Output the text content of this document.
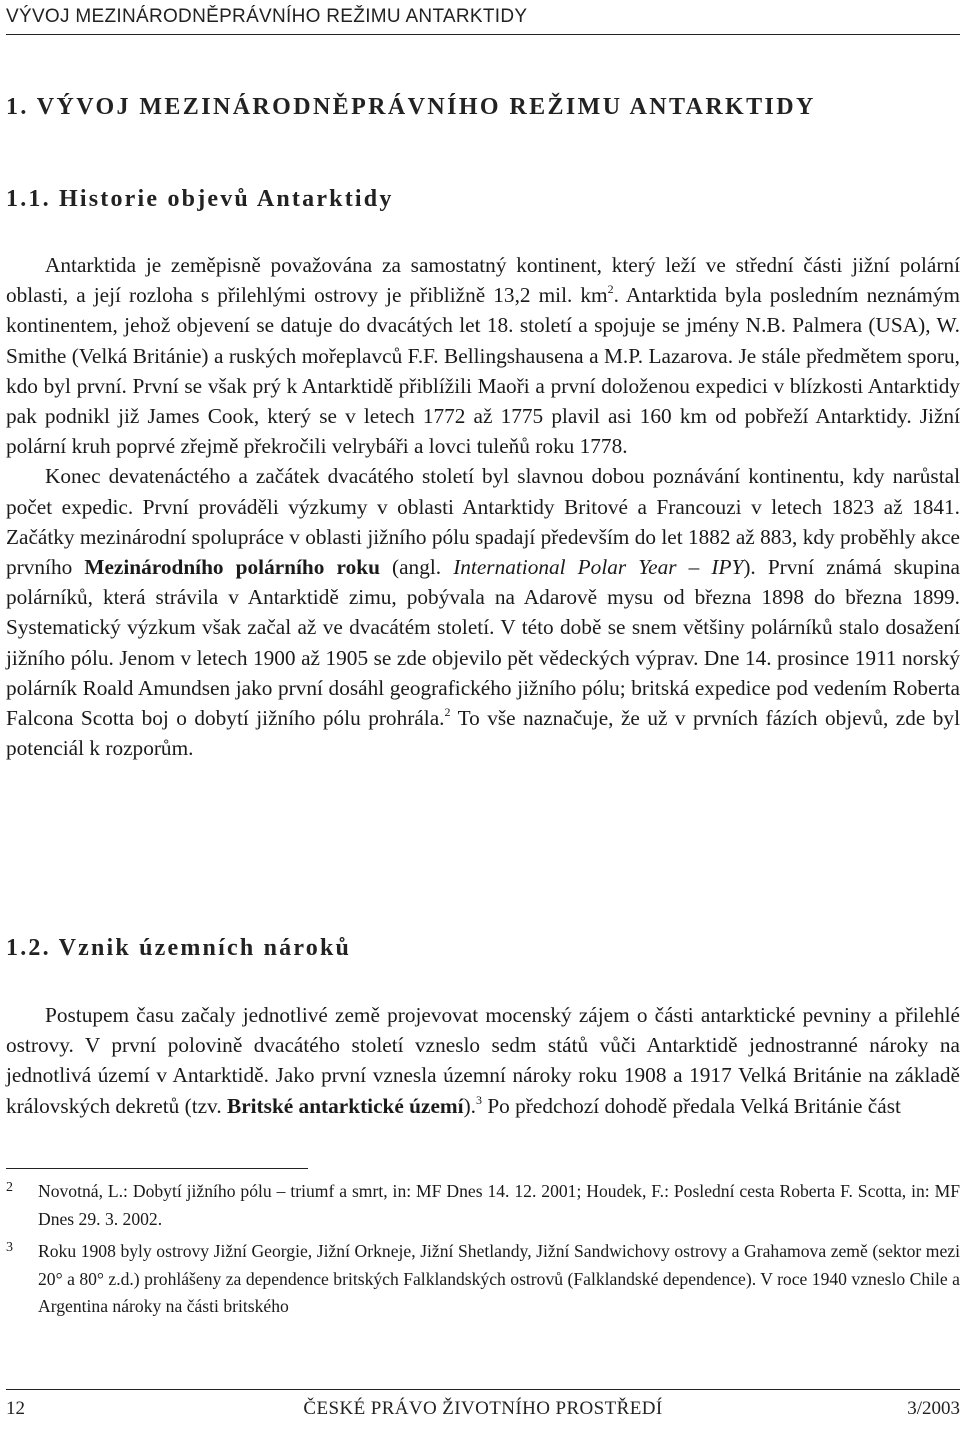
VÝVOJ MEZINÁRODNĚPRÁVNÍHO REŽIMU ANTARKTIDY
1. VÝVOJ MEZINÁRODNĚPRÁVNÍHO REŽIMU ANTARKTIDY
1.1. Historie objevů Antarktidy

Antarktida je zeměpisně považována za samostatný kontinent, který leží ve střední části jižní polární oblasti, a její rozloha s přilehlými ostrovy je přibližně 13,2 mil. $km^2$. Antarktida byla posledním neznámým kontinentem, jehož objevení se datuje do dvacátých let 18. století a spojuje se jmény N.B. Palmera (USA), W. Smithe (Velká Británie) a ruských mořeplavců F.F. Bellingshausena a M.P. Lazarova. Je stále předmětem sporu, kdo byl první. První se však prý k Antarktidě přiblížili Maoři a první doloženou expedici v blízkosti Antarktidy pak podnikl již James Cook, který se v letech 1772 až 1775 plavil asi 160 km od pobřeží Antarktidy. Jižní polární kruh poprvé zřejmě překročili velrybáři a lovci tuleňů roku 1778.

Konec devatenáctého a začátek dvacátého století byl slavnou dobou poznávání kontinentu, kdy narůstal počet expedic. První prováděli výzkumy v oblasti Antarktidy Britové a Francouzi v letech 1823 až 1841. Začátky mezinárodní spolupráce v oblasti jižního pólu spadají především do let 1882 až 883, kdy proběhly akce prvního Mezinárodního polárního roku (angl. International Polar Year – IPY). První známá skupina polárníků, která strávila v Antarktidě zimu, pobývala na Adarově mysu od března 1898 do března 1899. Systematický výzkum však začal až ve dvacátém století. V této době se snem většiny polárníků stalo dosažení jižního pólu. Jenom v letech 1900 až 1905 se zde objevilo pět vědeckých výprav. Dne 14. prosince 1911 norský polárník Roald Amundsen jako první dosáhl geografického jižního pólu; britská expedice pod vedením Roberta Falcona Scotta boj o dobytí jižního pólu prohrála.$^2$ To vše naznačuje, že už v prvních fázích objevů, zde byl potenciál k rozporům.

1.2. Vznik územních nároků

Postupem času začaly jednotlivé země projevovat mocenský zájem o části antarktické pevniny a přilehlé ostrovy. V první polovině dvacátého století vzneslo sedm států vůči Antarktidě jednostranné nároky na jednotlivá území v Antarktidě. Jako první vznesla územní nároky roku 1908 a 1917 Velká Británie na základě královských dekretů (tzv. Britské antarktické území).$^3$ Po předchozí dohodě předala Velká Británie část

2 Novotná, L.: Dobytí jižního pólu – triumf a smrt, in: MF Dnes 14. 12. 2001; Houdek, F.: Poslední cesta Roberta F. Scotta, in: MF Dnes 29. 3. 2002.
3 Roku 1908 byly ostrovy Jižní Georgie, Jižní Orkneje, Jižní Shetlandy, Jižní Sandwichovy ostrovy a Grahamova země (sektor mezi 20° a 80° z.d.) prohlášeny za dependence britských Falklandských ostrovů (Falklandské dependence). V roce 1940 vzneslo Chile a Argentina nároky na části britského
12	ČESKÉ PRÁVO ŽIVOTNÍHO PROSTŘEDÍ	3/2003
